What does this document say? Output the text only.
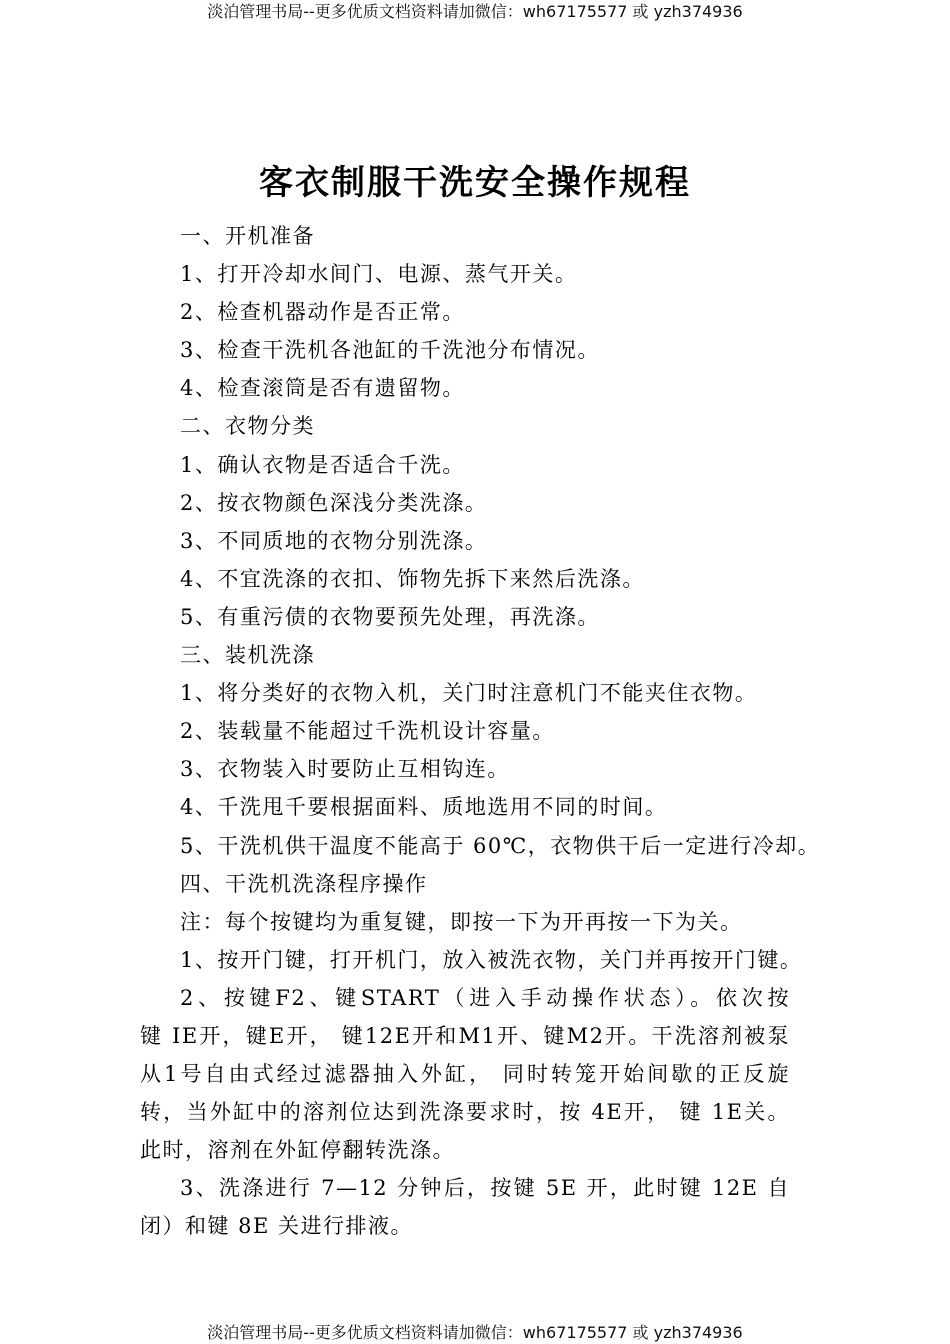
淡泊管理书局--更多优质文档资料请加微信：wh67175577 或 yzh374936
客衣制服干洗安全操作规程
一、开机准备
1、打开冷却水间门、电源、蒸气开关。
2、检查机器动作是否正常。
3、检查干洗机各池缸的千洗池分布情况。
4、检查滚筒是否有遗留物。
二、衣物分类
1、确认衣物是否适合千洗。
2、按衣物颜色深浅分类洗涤。
3、不同质地的衣物分别洗涤。
4、不宜洗涤的衣扣、饰物先拆下来然后洗涤。
5、有重污债的衣物要预先处理，再洗涤。
三、装机洗涤
1、将分类好的衣物入机，关门时注意机门不能夹住衣物。
2、装载量不能超过千洗机设计容量。
3、衣物装入时要防止互相钩连。
4、千洗甩千要根据面料、质地选用不同的时间。
5、干洗机供干温度不能高于 60℃，衣物供干后一定进行冷却。
四、干洗机洗涤程序操作
注：每个按键均为重复键，即按一下为开再按一下为关。
1、按开门键，打开机门，放入被洗衣物，关门并再按开门键。
2、按键F2、键START（进入手动操作状态）。依次按
键 IE开，键E开， 键12E开和M1开、键M2开。干洗溶剂被泵
从1号自由式经过滤器抽入外缸， 同时转笼开始间歇的正反旋
转，当外缸中的溶剂位达到洗涤要求时，按 4E开， 键 1E关。
此时，溶剂在外缸停翻转洗涤。
3、洗涤进行 7—12 分钟后，按键 5E 开，此时键 12E 自
闭）和键 8E 关进行排液。
淡泊管理书局--更多优质文档资料请加微信：wh67175577 或 yzh374936
